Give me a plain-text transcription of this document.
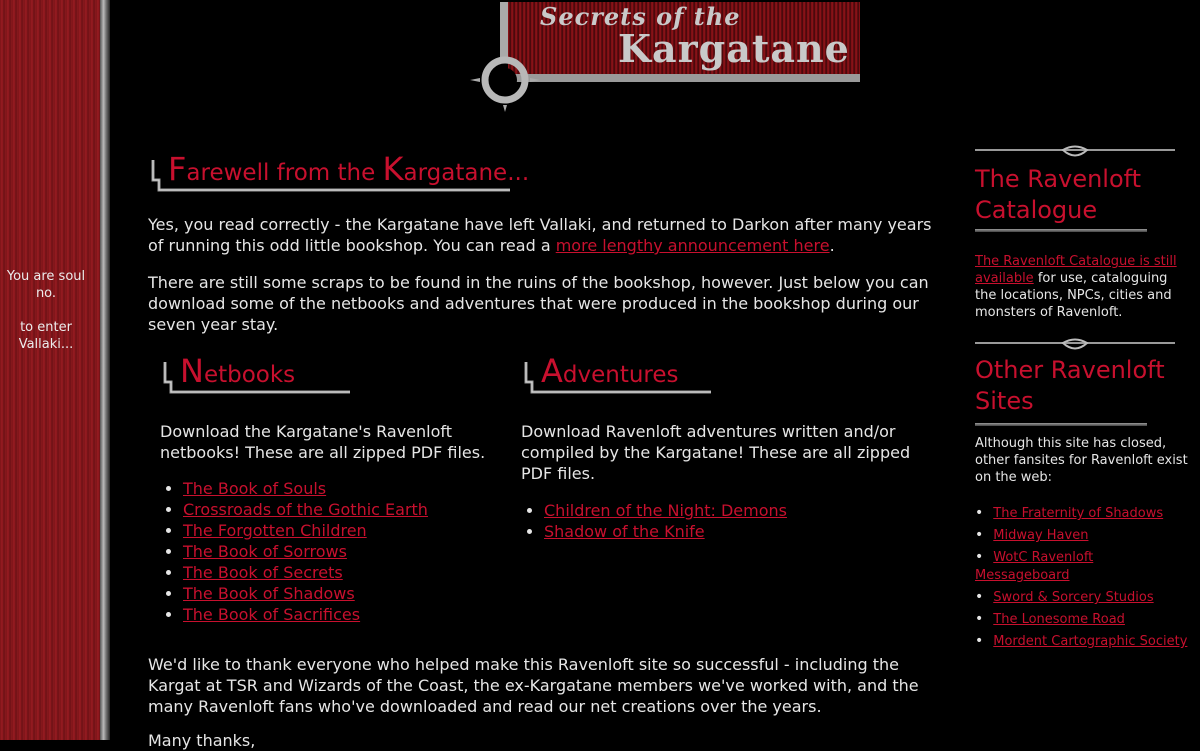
You are soul no.
to enter Vallaki...
Secrets of the
Kargatane
Farewell from the Kargatane...

Yes, you read correctly - the Kargatane have left Vallaki, and returned to Darkon after many years of running this odd little bookshop. You can read a more lengthy announcement here.

There are still some scraps to be found in the ruins of the bookshop, however. Just below you can download some of the netbooks and adventures that were produced in the bookshop during our seven year stay.

Netbooks

Download the Kargatane's Ravenloft netbooks! These are all zipped PDF files.

• The Book of Souls
• Crossroads of the Gothic Earth
• The Forgotten Children
• The Book of Sorrows
• The Book of Secrets
• The Book of Shadows
• The Book of Sacrifices
Adventures

Download Ravenloft adventures written and/or compiled by the Kargatane! These are all zipped PDF files.

• Children of the Night: Demons
• Shadow of the Knife

We'd like to thank everyone who helped make this Ravenloft site so successful - including the Kargat at TSR and Wizards of the Coast, the ex-Kargatane members we've worked with, and the many Ravenloft fans who've downloaded and read our net creations over the years.

Many thanks,

The Ravenloft Catalogue

The Ravenloft Catalogue is still available for use, cataloguing the locations, NPCs, cities and monsters of Ravenloft.

Other Ravenloft Sites

Although this site has closed, other fansites for Ravenloft exist on the web:

• The Fraternity of Shadows
• Midway Haven
• WotC Ravenloft Messageboard
• Sword & Sorcery Studios
• The Lonesome Road
• Mordent Cartographic Society
